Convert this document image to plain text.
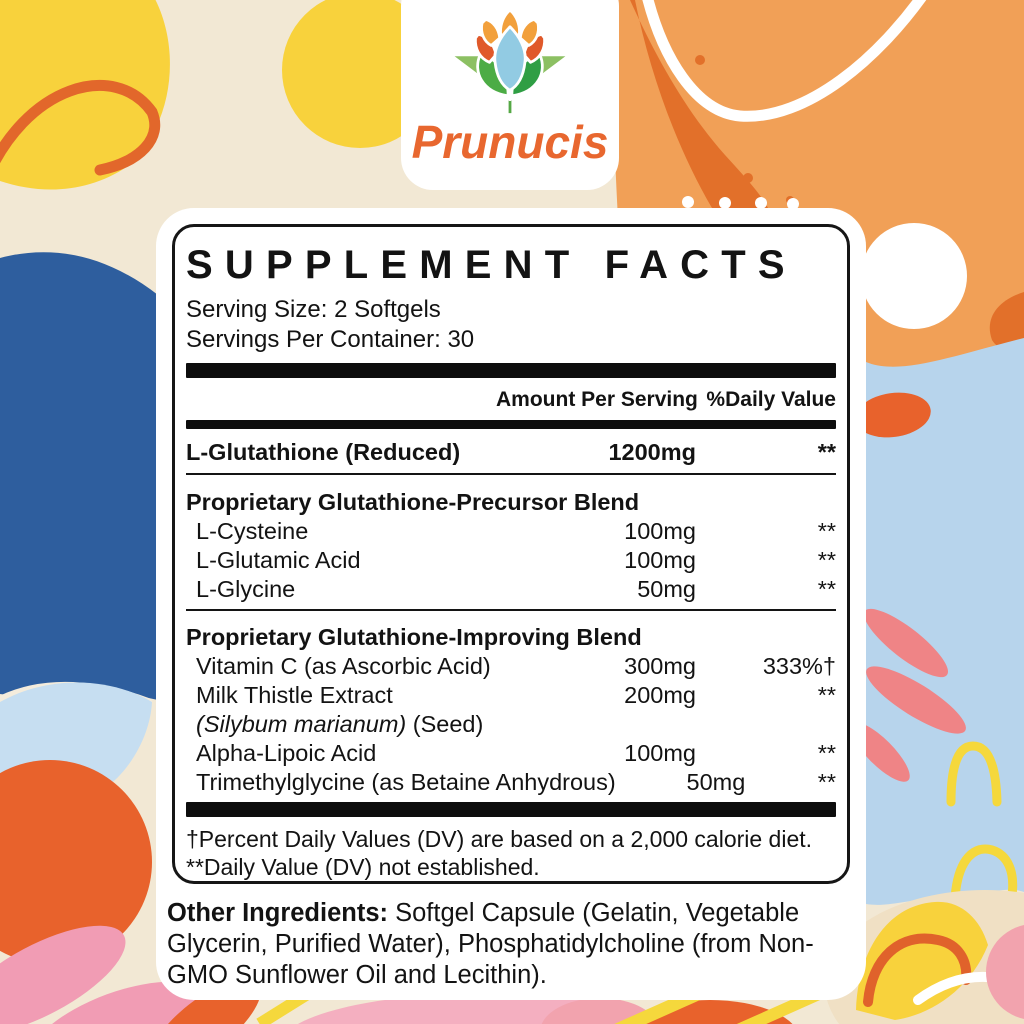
Prunucis
SUPPLEMENT FACTS
Serving Size: 2 Softgels
Servings Per Container: 30
Amount Per Serving %Daily Value
L-Glutathione (Reduced)	1200mg	**
Proprietary Glutathione-Precursor Blend
L-Cysteine	100mg	**
L-Glutamic Acid	100mg	**
L-Glycine	50mg	**
Proprietary Glutathione-Improving Blend
Vitamin C (as Ascorbic Acid)	300mg	333%†
Milk Thistle Extract	200mg	**
(Silybum marianum) (Seed)
Alpha-Lipoic Acid	100mg	**
Trimethylglycine (as Betaine Anhydrous)	50mg	**

†Percent Daily Values (DV) are based on a 2,000 calorie diet.

**Daily Value (DV) not established.

Other Ingredients: Softgel Capsule (Gelatin, Vegetable Glycerin, Purified Water), Phosphatidylcholine (from Non-GMO Sunflower Oil and Lecithin).
